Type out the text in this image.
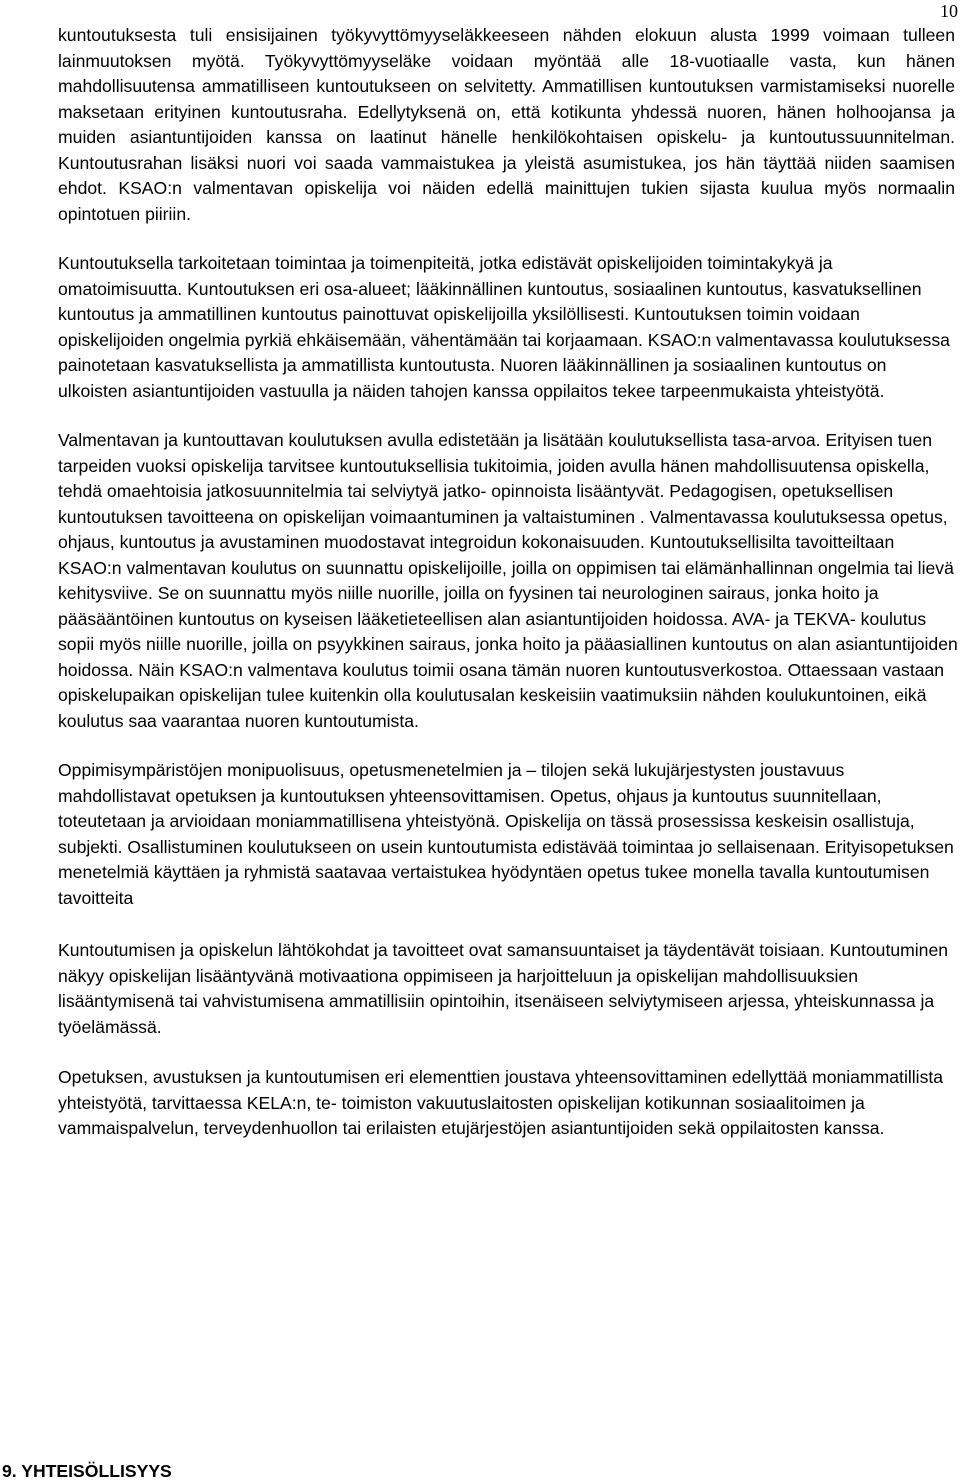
10

kuntoutuksesta tuli ensisijainen työkyvyttömyyseläkkeeseen nähden elokuun alusta 1999 voimaan tulleen lainmuutoksen myötä. Työkyvyttömyyseläke voidaan myöntää alle 18-vuotiaalle vasta, kun hänen mahdollisuutensa ammatilliseen kuntoutukseen on selvitetty. Ammatillisen kuntoutuksen varmistamiseksi nuorelle maksetaan erityinen kuntoutusraha. Edellytyksenä on, että kotikunta yhdessä nuoren, hänen holhoojansa ja muiden asiantuntijoiden kanssa on laatinut hänelle henkilökohtaisen opiskelu- ja kuntoutussuunnitelman. Kuntoutusrahan lisäksi nuori voi saada vammaistukea ja yleistä asumistukea, jos hän täyttää niiden saamisen ehdot. KSAO:n valmentavan opiskelija voi näiden edellä mainittujen tukien sijasta kuulua myös normaalin opintotuen piiriin.

Kuntoutuksella tarkoitetaan toimintaa ja toimenpiteitä, jotka edistävät opiskelijoiden toimintakykyä ja omatoimisuutta. Kuntoutuksen eri osa-alueet; lääkinnällinen kuntoutus, sosiaalinen kuntoutus, kasvatuksellinen kuntoutus ja ammatillinen kuntoutus painottuvat opiskelijoilla yksilöllisesti. Kuntoutuksen toimin voidaan opiskelijoiden ongelmia pyrkiä ehkäisemään, vähentämään tai korjaamaan. KSAO:n valmentavassa koulutuksessa painotetaan kasvatuksellista ja ammatillista kuntoutusta. Nuoren lääkinnällinen ja sosiaalinen kuntoutus on ulkoisten asiantuntijoiden vastuulla ja näiden tahojen kanssa oppilaitos tekee tarpeenmukaista yhteistyötä.

Valmentavan ja kuntouttavan koulutuksen avulla edistetään ja lisätään koulutuksellista tasa-arvoa. Erityisen tuen tarpeiden vuoksi opiskelija tarvitsee kuntoutuksellisia tukitoimia, joiden avulla hänen mahdollisuutensa opiskella, tehdä omaehtoisia jatkosuunnitelmia tai selviytyä jatko- opinnoista lisääntyvät. Pedagogisen, opetuksellisen kuntoutuksen tavoitteena on opiskelijan voimaantuminen ja valtaistuminen . Valmentavassa koulutuksessa opetus, ohjaus, kuntoutus ja avustaminen muodostavat integroidun kokonaisuuden. Kuntoutuksellisilta tavoitteiltaan KSAO:n valmentavan koulutus on suunnattu opiskelijoille, joilla on oppimisen tai elämänhallinnan ongelmia tai lievä kehitysviive. Se on suunnattu myös niille nuorille, joilla on fyysinen tai neurologinen sairaus, jonka hoito ja pääsääntöinen kuntoutus on kyseisen lääketieteellisen alan asiantuntijoiden hoidossa. AVA- ja TEKVA- koulutus sopii myös niille nuorille, joilla on psyykkinen sairaus, jonka hoito ja pääasiallinen kuntoutus on alan asiantuntijoiden hoidossa. Näin KSAO:n valmentava koulutus toimii osana tämän nuoren kuntoutusverkostoa. Ottaessaan vastaan opiskelupaikan opiskelijan tulee kuitenkin olla koulutusalan keskeisiin vaatimuksiin nähden koulukuntoinen, eikä koulutus saa vaarantaa nuoren kuntoutumista.

Oppimisympäristöjen monipuolisuus, opetusmenetelmien ja – tilojen sekä lukujärjestysten joustavuus mahdollistavat opetuksen ja kuntoutuksen yhteensovittamisen. Opetus, ohjaus ja kuntoutus suunnitellaan, toteutetaan ja arvioidaan moniammatillisena yhteistyönä. Opiskelija on tässä prosessissa keskeisin osallistuja, subjekti. Osallistuminen koulutukseen on usein kuntoutumista edistävää toimintaa jo sellaisenaan. Erityisopetuksen menetelmiä käyttäen ja ryhmistä saatavaa vertaistukea hyödyntäen opetus tukee monella tavalla kuntoutumisen tavoitteita

Kuntoutumisen ja opiskelun lähtökohdat ja tavoitteet ovat samansuuntaiset ja täydentävät toisiaan. Kuntoutuminen näkyy opiskelijan lisääntyvänä motivaationa oppimiseen ja harjoitteluun ja opiskelijan mahdollisuuksien lisääntymisenä tai vahvistumisena ammatillisiin opintoihin, itsenäiseen selviytymiseen arjessa, yhteiskunnassa ja työelämässä.

Opetuksen, avustuksen ja kuntoutumisen eri elementtien joustava yhteensovittaminen edellyttää moniammatillista yhteistyötä, tarvittaessa KELA:n, te- toimiston vakuutuslaitosten opiskelijan kotikunnan sosiaalitoimen ja vammaispalvelun, terveydenhuollon tai erilaisten etujärjestöjen asiantuntijoiden sekä oppilaitosten kanssa.

9. YHTEISÖLLISYYS
